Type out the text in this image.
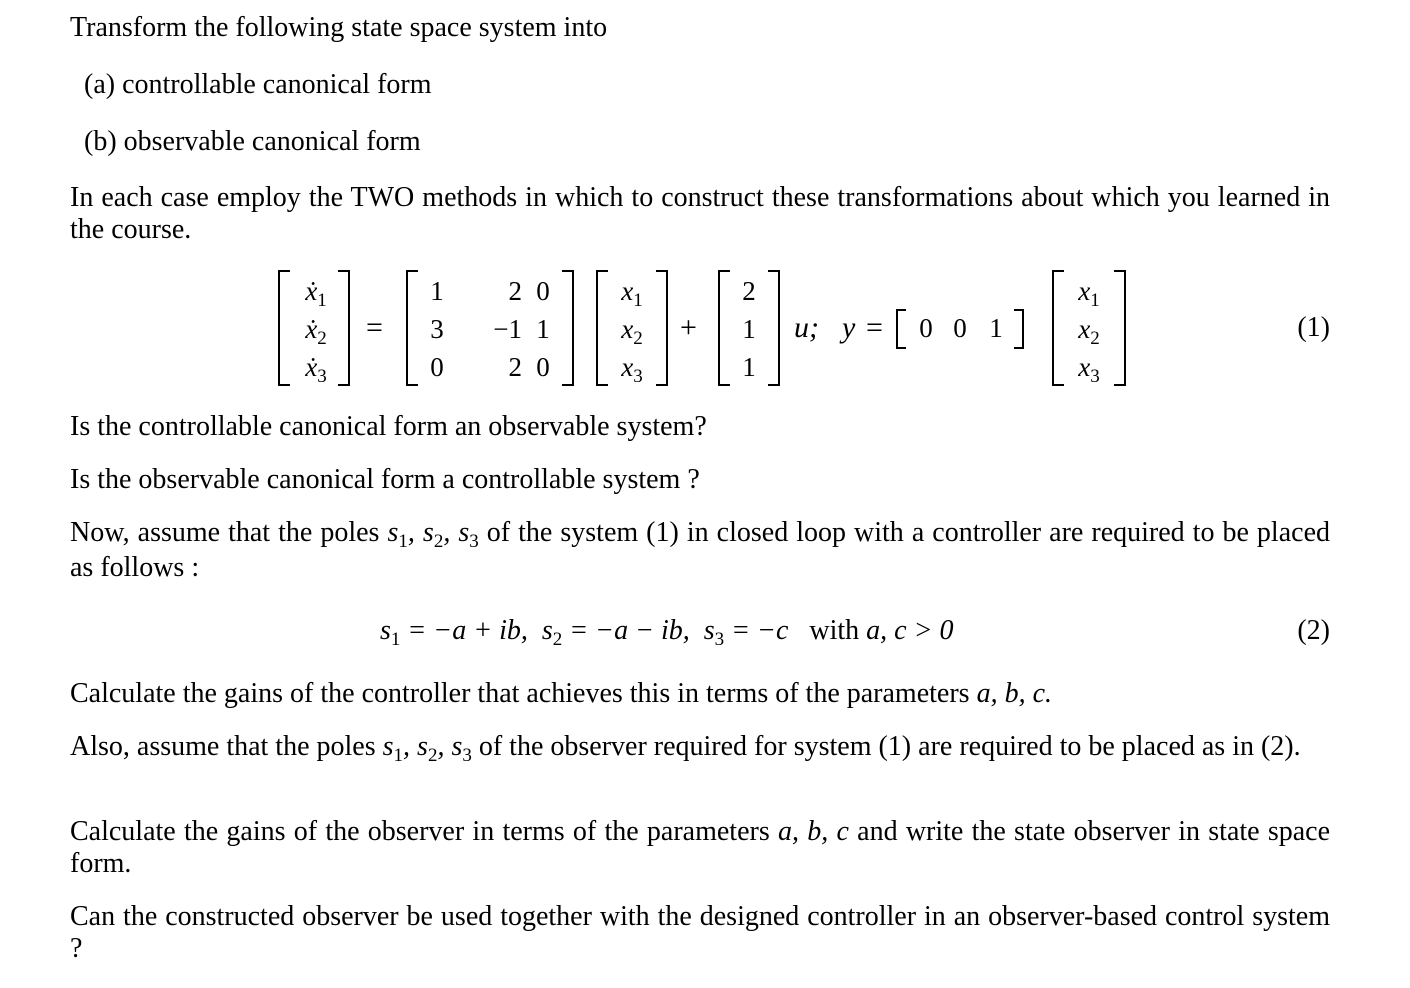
Transform the following state space system into
(a) controllable canonical form
(b) observable canonical form
In each case employ the TWO methods in which to construct these transformations about which you learned in the course.
ẋ$_1$
ẋ$_2$
ẋ$_3$
=
1	2 0
3	−1 1
0	2 0
$x_1$
$x_2$
$x_3$
+
2
1
1
u; y = 0 0 1
$x_1$
$x_2$
$x_3$
(1)
Is the controllable canonical form an observable system?
Is the observable canonical form a controllable system ?
Now, assume that the poles $s_1$, $s_2$, $s_3$ of the system (1) in closed loop with a controller are required to be placed as follows :
$s_1 = -a$ + ib, $s_2 = -a$ − ib, $s_3 = -c$ with a, c > 0	(2)
Calculate the gains of the controller that achieves this in terms of the parameters a, b, c.
Also, assume that the poles $s_1$, $s_2$, $s_3$ of the observer required for system (1) are required to be placed as in (2).
Calculate the gains of the observer in terms of the parameters a, b, c and write the state observer in state space form.
Can the constructed observer be used together with the designed controller in an observer-based control system ?
